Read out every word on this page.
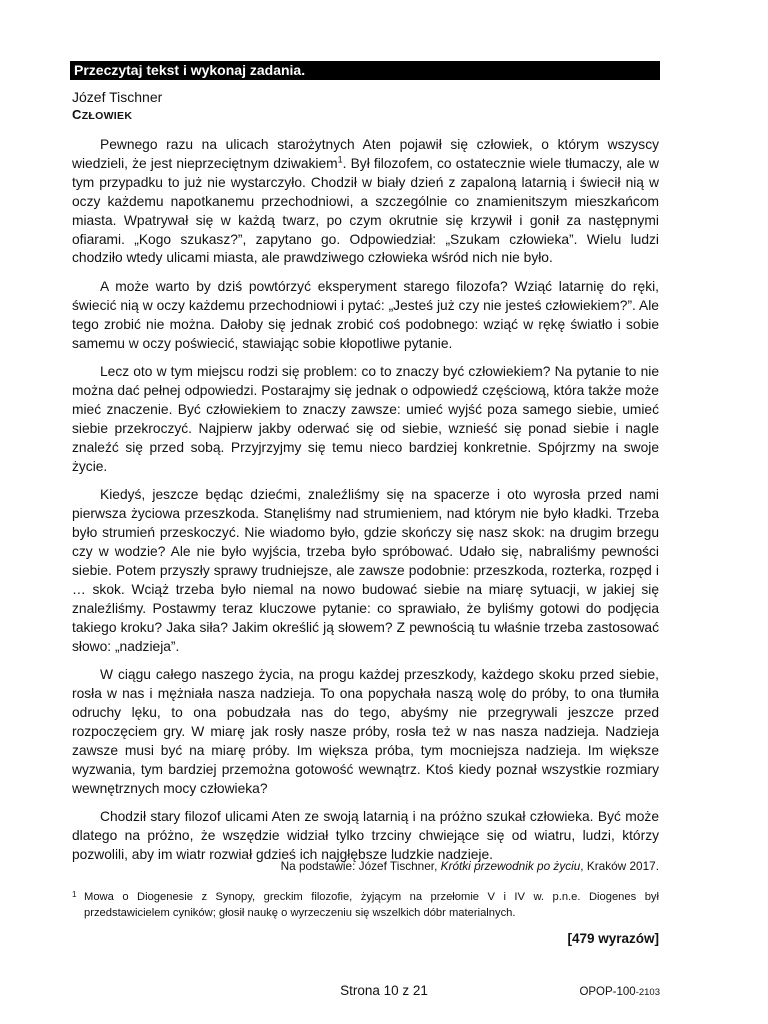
Przeczytaj tekst i wykonaj zadania.
Józef Tischner
CZŁOWIEK

Pewnego razu na ulicach starożytnych Aten pojawił się człowiek, o którym wszyscy wiedzieli, że jest nieprzeciętnym dziwakiem$^1$. Był filozofem, co ostatecznie wiele tłumaczy, ale w tym przypadku to już nie wystarczyło. Chodził w biały dzień z zapaloną latarnią i świecił nią w oczy każdemu napotkanemu przechodniowi, a szczególnie co znamienitszym mieszkańcom miasta. Wpatrywał się w każdą twarz, po czym okrutnie się krzywił i gonił za następnymi ofiarami. „Kogo szukasz?”, zapytano go. Odpowiedział: „Szukam człowieka”. Wielu ludzi chodziło wtedy ulicami miasta, ale prawdziwego człowieka wśród nich nie było.

A może warto by dziś powtórzyć eksperyment starego filozofa? Wziąć latarnię do ręki, świecić nią w oczy każdemu przechodniowi i pytać: „Jesteś już czy nie jesteś człowiekiem?”. Ale tego zrobić nie można. Dałoby się jednak zrobić coś podobnego: wziąć w rękę światło i sobie samemu w oczy poświecić, stawiając sobie kłopotliwe pytanie.

Lecz oto w tym miejscu rodzi się problem: co to znaczy być człowiekiem? Na pytanie to nie można dać pełnej odpowiedzi. Postarajmy się jednak o odpowiedź częściową, która także może mieć znaczenie. Być człowiekiem to znaczy zawsze: umieć wyjść poza samego siebie, umieć siebie przekroczyć. Najpierw jakby oderwać się od siebie, wznieść się ponad siebie i nagle znaleźć się przed sobą. Przyjrzyjmy się temu nieco bardziej konkretnie. Spójrzmy na swoje życie.

Kiedyś, jeszcze będąc dziećmi, znaleźliśmy się na spacerze i oto wyrosła przed nami pierwsza życiowa przeszkoda. Stanęliśmy nad strumieniem, nad którym nie było kładki. Trzeba było strumień przeskoczyć. Nie wiadomo było, gdzie skończy się nasz skok: na drugim brzegu czy w wodzie? Ale nie było wyjścia, trzeba było spróbować. Udało się, nabraliśmy pewności siebie. Potem przyszły sprawy trudniejsze, ale zawsze podobnie: przeszkoda, rozterka, rozpęd i … skok. Wciąż trzeba było niemal na nowo budować siebie na miarę sytuacji, w jakiej się znaleźliśmy. Postawmy teraz kluczowe pytanie: co sprawiało, że byliśmy gotowi do podjęcia takiego kroku? Jaka siła? Jakim określić ją słowem? Z pewnością tu właśnie trzeba zastosować słowo: „nadzieja”.

W ciągu całego naszego życia, na progu każdej przeszkody, każdego skoku przed siebie, rosła w nas i mężniała nasza nadzieja. To ona popychała naszą wolę do próby, to ona tłumiła odruchy lęku, to ona pobudzała nas do tego, abyśmy nie przegrywali jeszcze przed rozpoczęciem gry. W miarę jak rosły nasze próby, rosła też w nas nasza nadzieja. Nadzieja zawsze musi być na miarę próby. Im większa próba, tym mocniejsza nadzieja. Im większe wyzwania, tym bardziej przemożna gotowość wewnątrz. Ktoś kiedy poznał wszystkie rozmiary wewnętrznych mocy człowieka?

Chodził stary filozof ulicami Aten ze swoją latarnią i na próżno szukał człowieka. Być może dlatego na próżno, że wszędzie widział tylko trzciny chwiejące się od wiatru, ludzi, którzy pozwolili, aby im wiatr rozwiał gdzieś ich najgłębsze ludzkie nadzieje.

Na podstawie: Józef Tischner, Krótki przewodnik po życiu, Kraków 2017.
1 Mowa o Diogenesie z Synopy, greckim filozofie, żyjącym na przełomie V i IV w. p.n.e. Diogenes był przedstawicielem cyników; głosił naukę o wyrzeczeniu się wszelkich dóbr materialnych.
[479 wyrazów]
Strona 10 z 21	OPOP-100-2103
